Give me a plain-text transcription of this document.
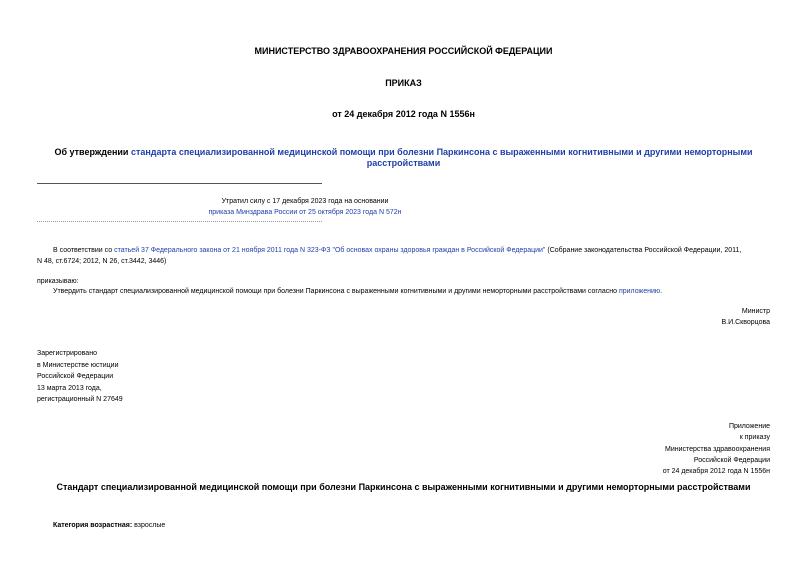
МИНИСТЕРСТВО ЗДРАВООХРАНЕНИЯ РОССИЙСКОЙ ФЕДЕРАЦИИ
ПРИКАЗ
от 24 декабря 2012 года N 1556н
Об утверждении стандарта специализированной медицинской помощи при болезни Паркинсона с выраженными когнитивными и другими неморторными
расстройствами
Утратил силу с 17 декабря 2023 года на основании
приказа Минздрава России от 25 октября 2023 года N 572н
В соответствии со статьей 37 Федерального закона от 21 ноября 2011 года N 323-ФЗ "Об основах охраны здоровья граждан в Российской Федерации" (Собрание законодательства Российской Федерации, 2011,
N 48, ст.6724; 2012, N 26, ст.3442, 3446)
приказываю:
Утвердить стандарт специализированной медицинской помощи при болезни Паркинсона с выраженными когнитивными и другими неморторными расстройствами согласно приложению.
Министр
В.И.Скворцова
Зарегистрировано
в Министерстве юстиции
Российской Федерации
13 марта 2013 года,
регистрационный N 27649
Приложение
к приказу
Министерства здравоохранения
Российской Федерации
от 24 декабря 2012 года N 1556н
Стандарт специализированной медицинской помощи при болезни Паркинсона с выраженными когнитивными и другими неморторными расстройствами
Категория возрастная: взрослые
